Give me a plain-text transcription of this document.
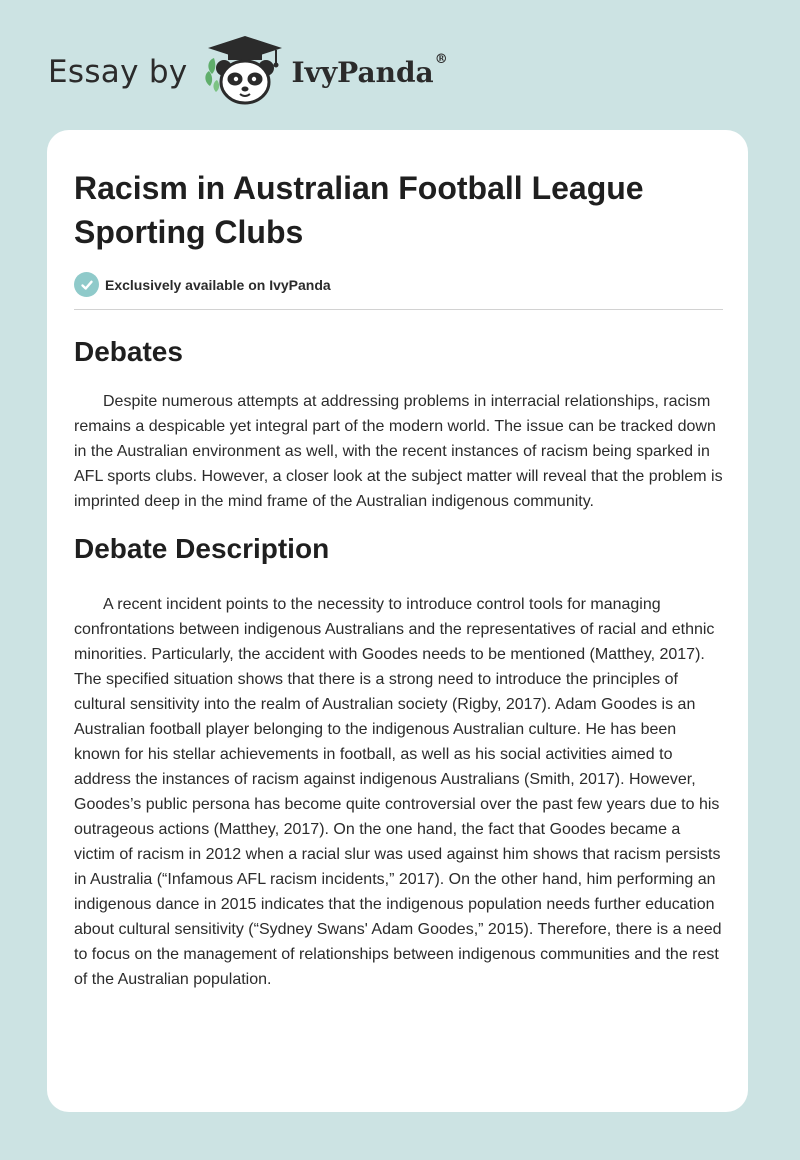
Essay by	IvyPanda®
Racism in Australian Football League Sporting Clubs
Exclusively available on IvyPanda
Debates

Despite numerous attempts at addressing problems in interracial relationships, racism remains a despicable yet integral part of the modern world. The issue can be tracked down in the Australian environment as well, with the recent instances of racism being sparked in AFL sports clubs. However, a closer look at the subject matter will reveal that the problem is imprinted deep in the mind frame of the Australian indigenous community.

Debate Description

A recent incident points to the necessity to introduce control tools for managing confrontations between indigenous Australians and the representatives of racial and ethnic minorities. Particularly, the accident with Goodes needs to be mentioned (Matthey, 2017). The specified situation shows that there is a strong need to introduce the principles of cultural sensitivity into the realm of Australian society (Rigby, 2017). Adam Goodes is an Australian football player belonging to the indigenous Australian culture. He has been known for his stellar achievements in football, as well as his social activities aimed to address the instances of racism against indigenous Australians (Smith, 2017). However, Goodes’s public persona has become quite controversial over the past few years due to his outrageous actions (Matthey, 2017). On the one hand, the fact that Goodes became a victim of racism in 2012 when a racial slur was used against him shows that racism persists in Australia (“Infamous AFL racism incidents,” 2017). On the other hand, him performing an indigenous dance in 2015 indicates that the indigenous population needs further education about cultural sensitivity (“Sydney Swans' Adam Goodes,” 2015). Therefore, there is a need to focus on the management of relationships between indigenous communities and the rest of the Australian population.
